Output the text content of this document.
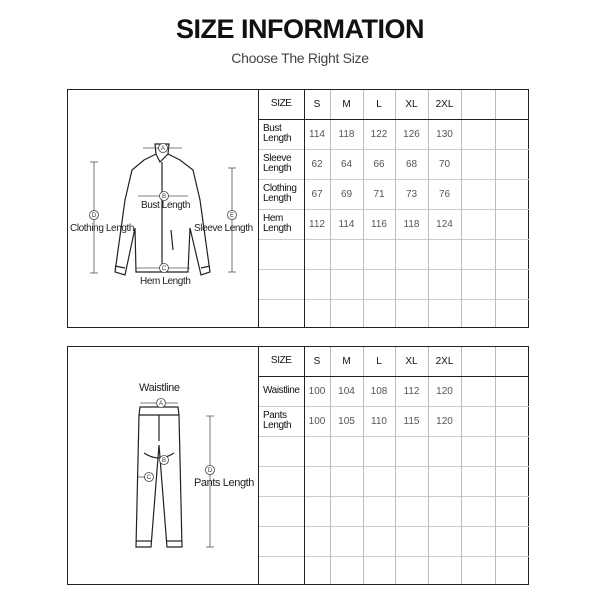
SIZE INFORMATION
Choose The Right Size
A
B
C
D	E
Bust Length
Clothing Length	Sleeve Length
Hem Length
SIZE	S	M	L	XL	2XL		
Bust Length	114	118	122	126	130		
Sleeve Length	62	64	66	68	70		
Clothing Length	67	69	71	73	76		
Hem Length	112	114	116	118	124		

A
B
C
D
Waistline
Pants Length
SIZE	S	M	L	XL	2XL		
Waistline	100	104	108	112	120		
Pants Length	100	105	110	115	120		
